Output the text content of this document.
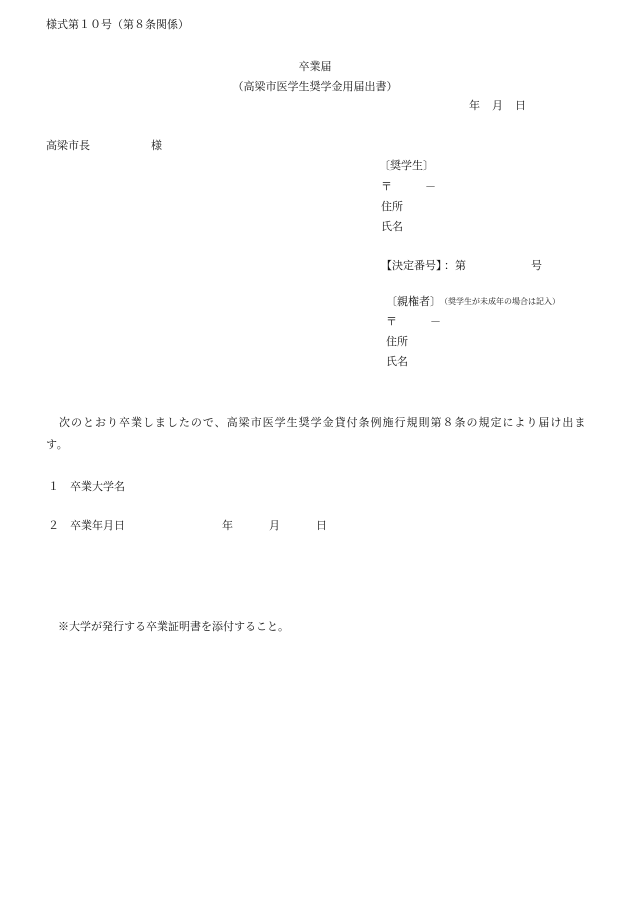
様式第１０号（第８条関係）
卒業届
（高梁市医学生奨学金用届出書）
年 月 日
高梁市長	様
〔奨学生〕
〒	－
住所
氏名
【決定番号】
：第	号
〔親権者〕 （奨学生が未成年の場合は記入）
〒	－
住所
氏名
次のとおり卒業しましたので、高梁市医学生奨学金貸付条例施行規則第８条の規定により届け出ます。
１ 卒業大学名
２ 卒業年月日	年	月	日
※大学が発行する卒業証明書を添付すること。
